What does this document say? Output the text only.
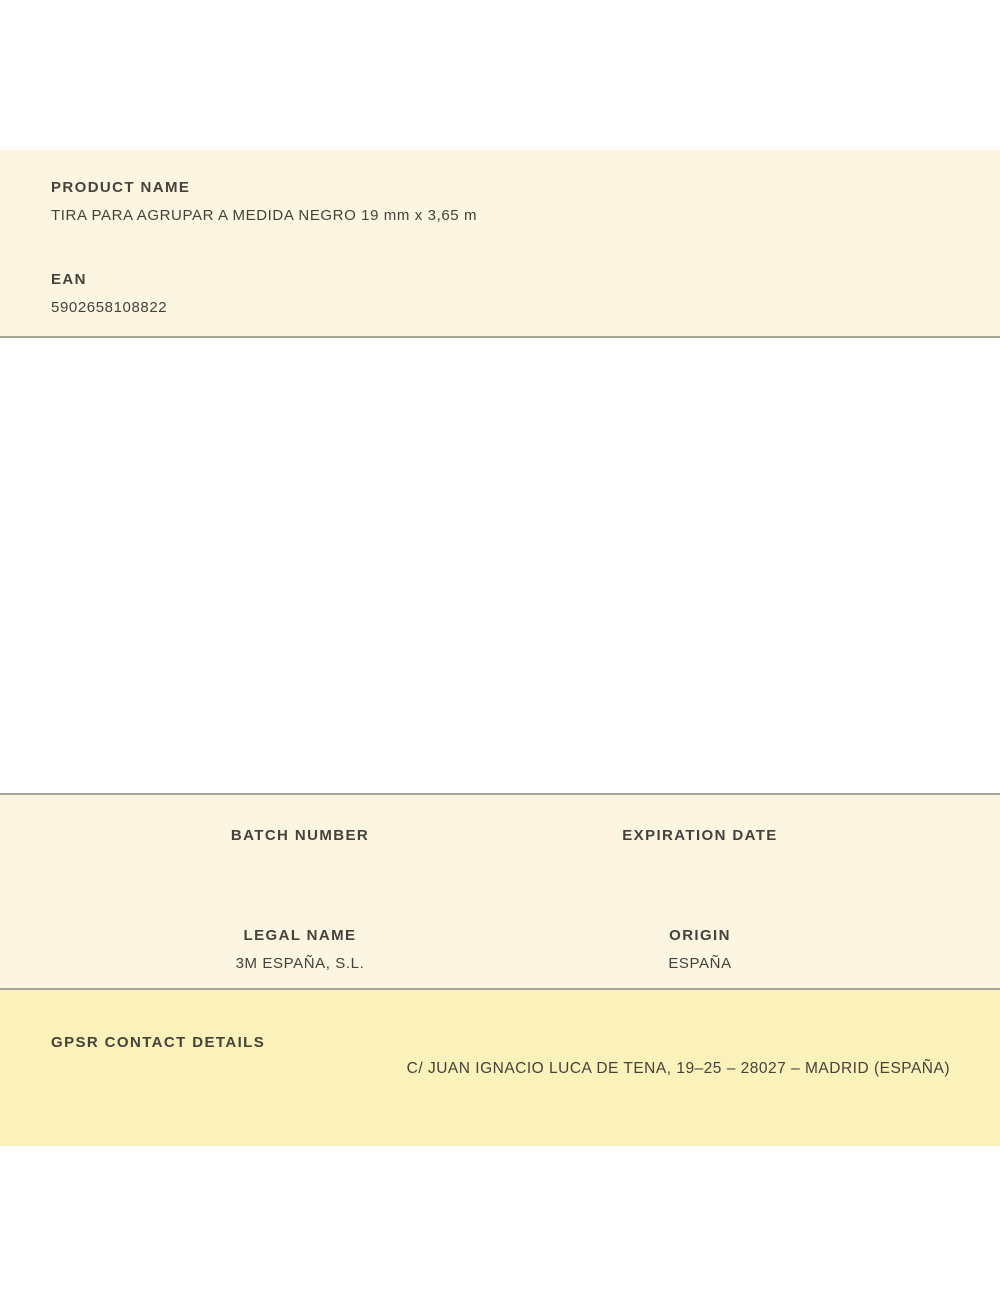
PRODUCT NAME
TIRA PARA AGRUPAR A MEDIDA NEGRO 19 mm x 3,65 m
EAN
5902658108822
BATCH NUMBER	EXPIRATION DATE
LEGAL NAME
3M ESPAÑA, S.L.
ORIGIN
ESPAÑA
GPSR CONTACT DETAILS
C/ JUAN IGNACIO LUCA DE TENA, 19–25 – 28027 – MADRID (ESPAÑA)
